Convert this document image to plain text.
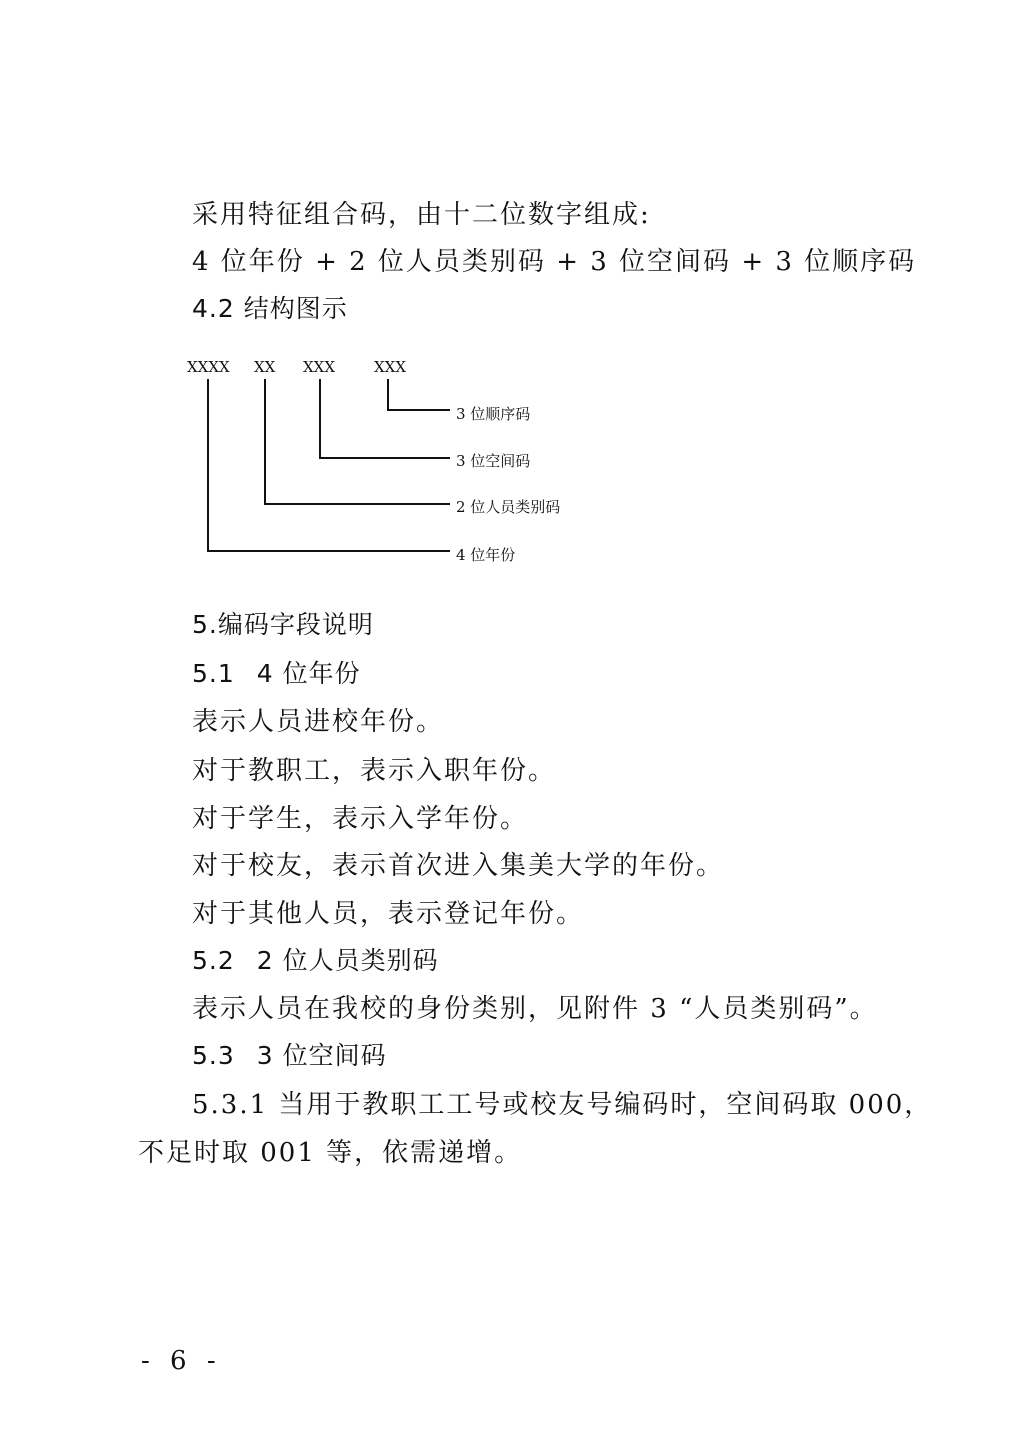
采用特征组合码，由十二位数字组成:
4 位年份 + 2 位人员类别码 + 3 位空间码 + 3 位顺序码
4.2 结构图示
XXXX XX XXX	XXX
3 位顺序码
3 位空间码
2 位人员类别码
4 位年份
5.编码字段说明
5.1 4 位年份
表示人员进校年份。
对于教职工，表示入职年份。
对于学生，表示入学年份。
对于校友，表示首次进入集美大学的年份。
对于其他人员，表示登记年份。
5.2 2 位人员类别码
表示人员在我校的身份类别，见附件 3 “人员类别码”。
5.3 3 位空间码
5.3.1 当用于教职工工号或校友号编码时，空间码取 000，
不足时取 001 等，依需递增。
- 6 -
